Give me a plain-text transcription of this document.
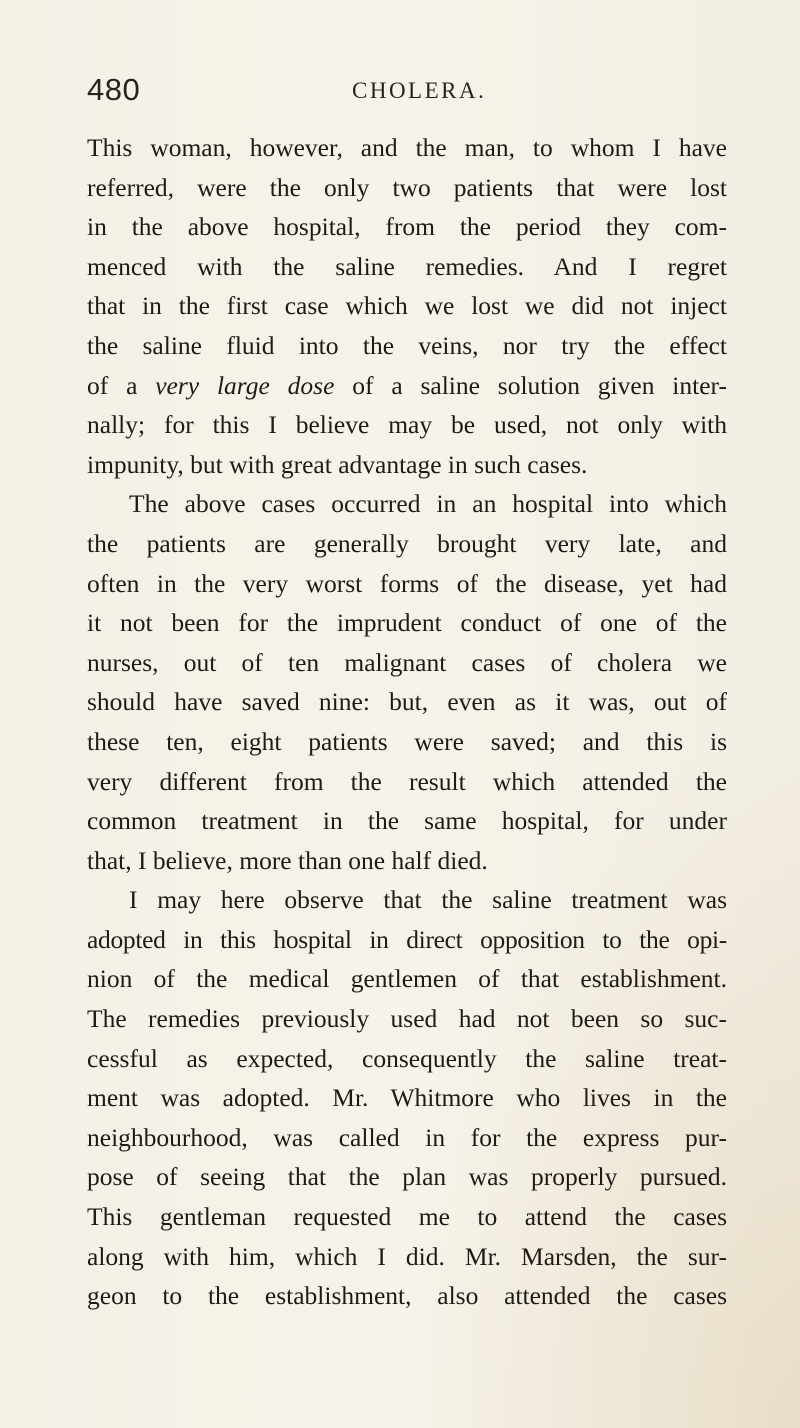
480	CHOLERA.
This woman, however, and the man, to whom I have
referred, were the only two patients that were lost
in the above hospital, from the period they com-
menced with the saline remedies. And I regret
that in the first case which we lost we did not inject
the saline fluid into the veins, nor try the effect
of a very large dose of a saline solution given inter-
nally; for this I believe may be used, not only with
impunity, but with great advantage in such cases.
The above cases occurred in an hospital into which
the patients are generally brought very late, and
often in the very worst forms of the disease, yet had
it not been for the imprudent conduct of one of the
nurses, out of ten malignant cases of cholera we
should have saved nine: but, even as it was, out of
these ten, eight patients were saved; and this is
very different from the result which attended the
common treatment in the same hospital, for under
that, I believe, more than one half died.
I may here observe that the saline treatment was
adopted in this hospital in direct opposition to the opi-
nion of the medical gentlemen of that establishment.
The remedies previously used had not been so suc-
cessful as expected, consequently the saline treat-
ment was adopted. Mr. Whitmore who lives in the
neighbourhood, was called in for the express pur-
pose of seeing that the plan was properly pursued.
This gentleman requested me to attend the cases
along with him, which I did. Mr. Marsden, the sur-
geon to the establishment, also attended the cases
